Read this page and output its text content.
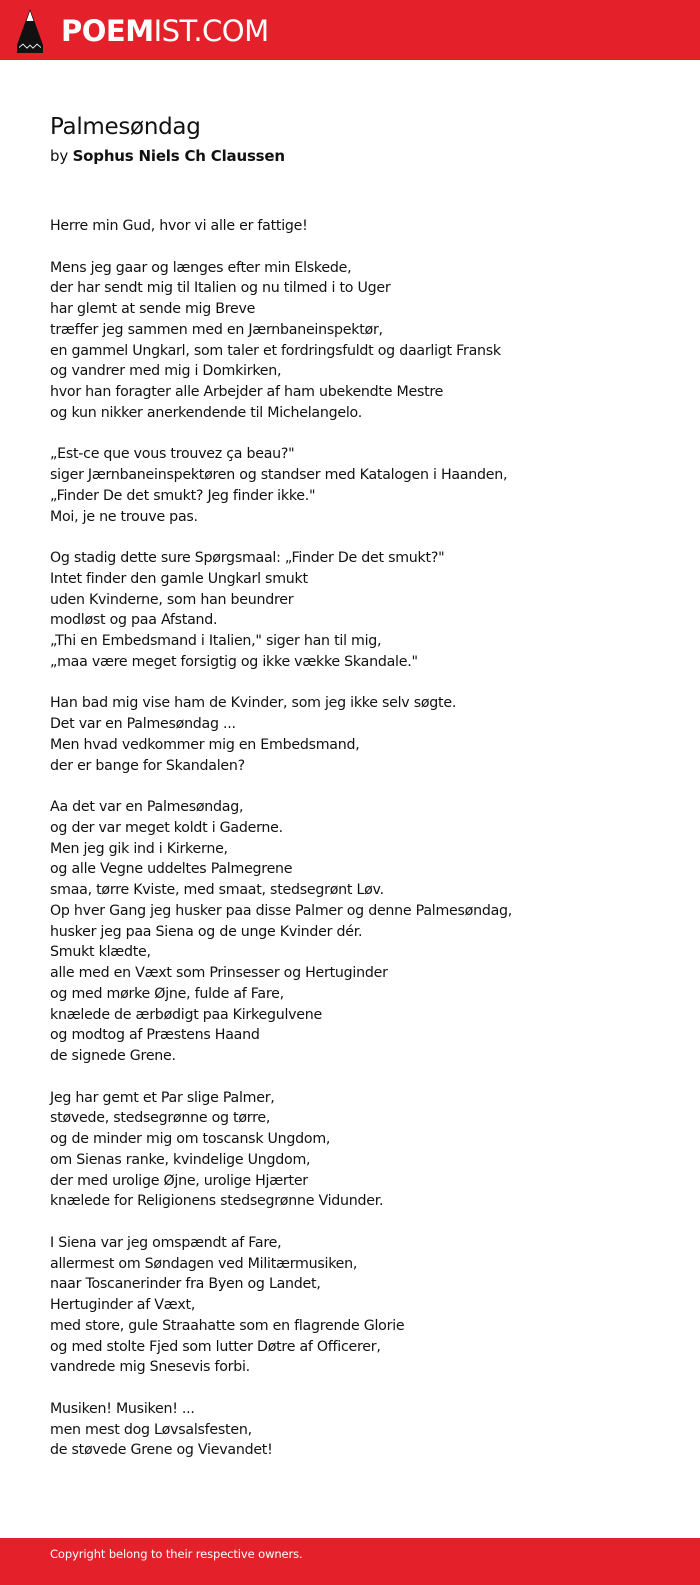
POEMIST.COM
Palmesøndag
by Sophus Niels Ch Claussen
Herre min Gud, hvor vi alle er fattige!
Mens jeg gaar og længes efter min Elskede,
der har sendt mig til Italien og nu tilmed i to Uger
har glemt at sende mig Breve
træffer jeg sammen med en Jærnbaneinspektør,
en gammel Ungkarl, som taler et fordringsfuldt og daarligt Fransk
og vandrer med mig i Domkirken,
hvor han foragter alle Arbejder af ham ubekendte Mestre
og kun nikker anerkendende til Michelangelo.
„Est-ce que vous trouvez ça beau?"
siger Jærnbaneinspektøren og standser med Katalogen i Haanden,
„Finder De det smukt? Jeg finder ikke."
Moi, je ne trouve pas.
Og stadig dette sure Spørgsmaal: „Finder De det smukt?"
Intet finder den gamle Ungkarl smukt
uden Kvinderne, som han beundrer
modløst og paa Afstand.
„Thi en Embedsmand i Italien," siger han til mig,
„maa være meget forsigtig og ikke vække Skandale."
Han bad mig vise ham de Kvinder, som jeg ikke selv søgte.
Det var en Palmesøndag ...
Men hvad vedkommer mig en Embedsmand,
der er bange for Skandalen?
Aa det var en Palmesøndag,
og der var meget koldt i Gaderne.
Men jeg gik ind i Kirkerne,
og alle Vegne uddeltes Palmegrene
smaa, tørre Kviste, med smaat, stedsegrønt Løv.
Op hver Gang jeg husker paa disse Palmer og denne Palmesøndag,
husker jeg paa Siena og de unge Kvinder dér.
Smukt klædte,
alle med en Væxt som Prinsesser og Hertuginder
og med mørke Øjne, fulde af Fare,
knælede de ærbødigt paa Kirkegulvene
og modtog af Præstens Haand
de signede Grene.
Jeg har gemt et Par slige Palmer,
støvede, stedsegrønne og tørre,
og de minder mig om toscansk Ungdom,
om Sienas ranke, kvindelige Ungdom,
der med urolige Øjne, urolige Hjærter
knælede for Religionens stedsegrønne Vidunder.
I Siena var jeg omspændt af Fare,
allermest om Søndagen ved Militærmusiken,
naar Toscanerinder fra Byen og Landet,
Hertuginder af Væxt,
med store, gule Straahatte som en flagrende Glorie
og med stolte Fjed som lutter Døtre af Officerer,
vandrede mig Snesevis forbi.
Musiken! Musiken! ...
men mest dog Løvsalsfesten,
de støvede Grene og Vievandet!
Copyright belong to their respective owners.
